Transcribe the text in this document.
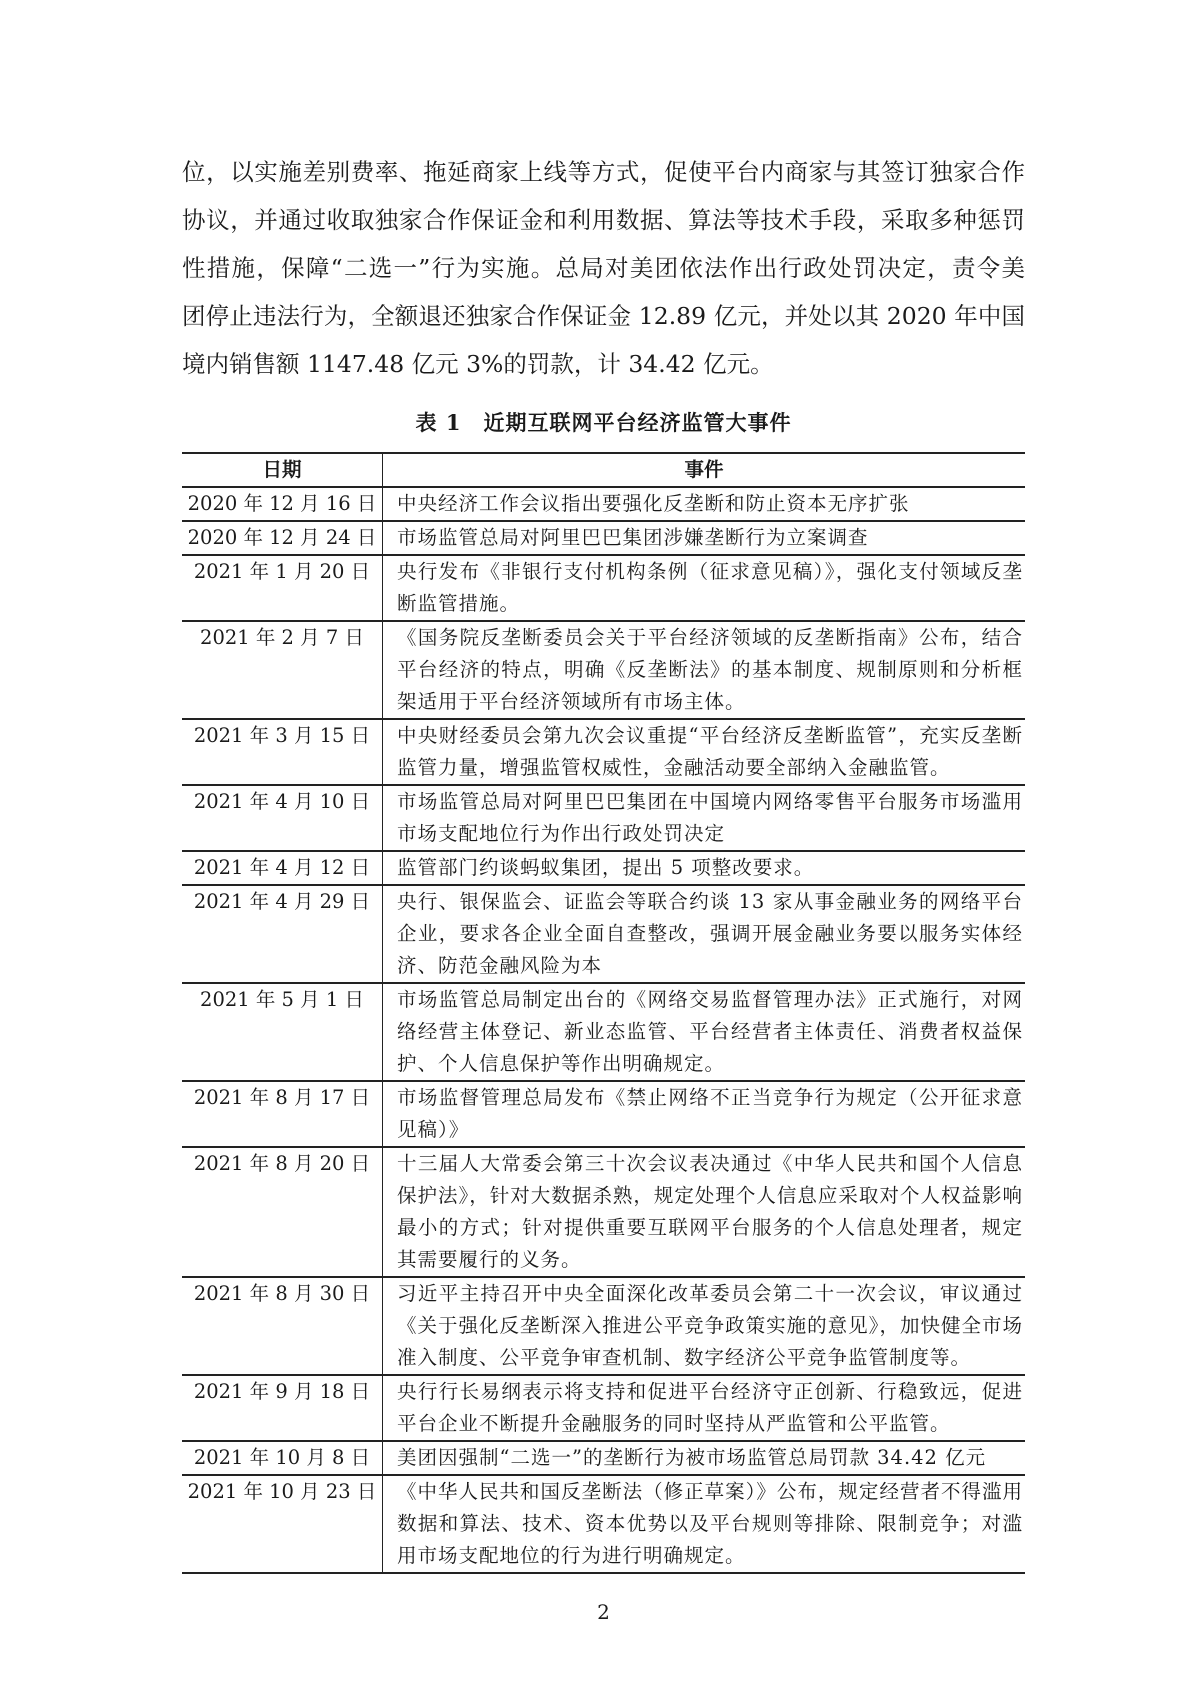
位，以实施差别费率、拖延商家上线等方式，促使平台内商家与其签订独家合作

协议，并通过收取独家合作保证金和利用数据、算法等技术手段，采取多种惩罚

性措施，保障“二选一”行为实施。总局对美团依法作出行政处罚决定，责令美

团停止违法行为，全额退还独家合作保证金 12.89 亿元，并处以其 2020 年中国

境内销售额 1147.48 亿元 3%的罚款，计 34.42 亿元。

表 1　近期互联网平台经济监管大事件
日期	事件
2020 年 12 月 16 日	中央经济工作会议指出要强化反垄断和防止资本无序扩张
2020 年 12 月 24 日	市场监管总局对阿里巴巴集团涉嫌垄断行为立案调查
2021 年 1 月 20 日	央行发布《非银行支付机构条例（征求意见稿）》，强化支付领域反垄断监管措施。
2021 年 2 月 7 日	《国务院反垄断委员会关于平台经济领域的反垄断指南》公布，结合平台经济的特点，明确《反垄断法》的基本制度、规制原则和分析框架适用于平台经济领域所有市场主体。
2021 年 3 月 15 日	中央财经委员会第九次会议重提“平台经济反垄断监管”，充实反垄断监管力量，增强监管权威性，金融活动要全部纳入金融监管。
2021 年 4 月 10 日	市场监管总局对阿里巴巴集团在中国境内网络零售平台服务市场滥用市场支配地位行为作出行政处罚决定
2021 年 4 月 12 日	监管部门约谈蚂蚁集团，提出 5 项整改要求。
2021 年 4 月 29 日	央行、银保监会、证监会等联合约谈 13 家从事金融业务的网络平台企业，要求各企业全面自查整改，强调开展金融业务要以服务实体经济、防范金融风险为本
2021 年 5 月 1 日	市场监管总局制定出台的《网络交易监督管理办法》正式施行，对网络经营主体登记、新业态监管、平台经营者主体责任、消费者权益保护、个人信息保护等作出明确规定。
2021 年 8 月 17 日	市场监督管理总局发布《禁止网络不正当竞争行为规定（公开征求意见稿）》
2021 年 8 月 20 日	十三届人大常委会第三十次会议表决通过《中华人民共和国个人信息保护法》，针对大数据杀熟，规定处理个人信息应采取对个人权益影响最小的方式；针对提供重要互联网平台服务的个人信息处理者，规定其需要履行的义务。
2021 年 8 月 30 日	习近平主持召开中央全面深化改革委员会第二十一次会议，审议通过《关于强化反垄断深入推进公平竞争政策实施的意见》，加快健全市场准入制度、公平竞争审查机制、数字经济公平竞争监管制度等。
2021 年 9 月 18 日	央行行长易纲表示将支持和促进平台经济守正创新、行稳致远，促进平台企业不断提升金融服务的同时坚持从严监管和公平监管。
2021 年 10 月 8 日	美团因强制“二选一”的垄断行为被市场监管总局罚款 34.42 亿元
2021 年 10 月 23 日	《中华人民共和国反垄断法（修正草案）》公布，规定经营者不得滥用数据和算法、技术、资本优势以及平台规则等排除、限制竞争；对滥用市场支配地位的行为进行明确规定。
2
